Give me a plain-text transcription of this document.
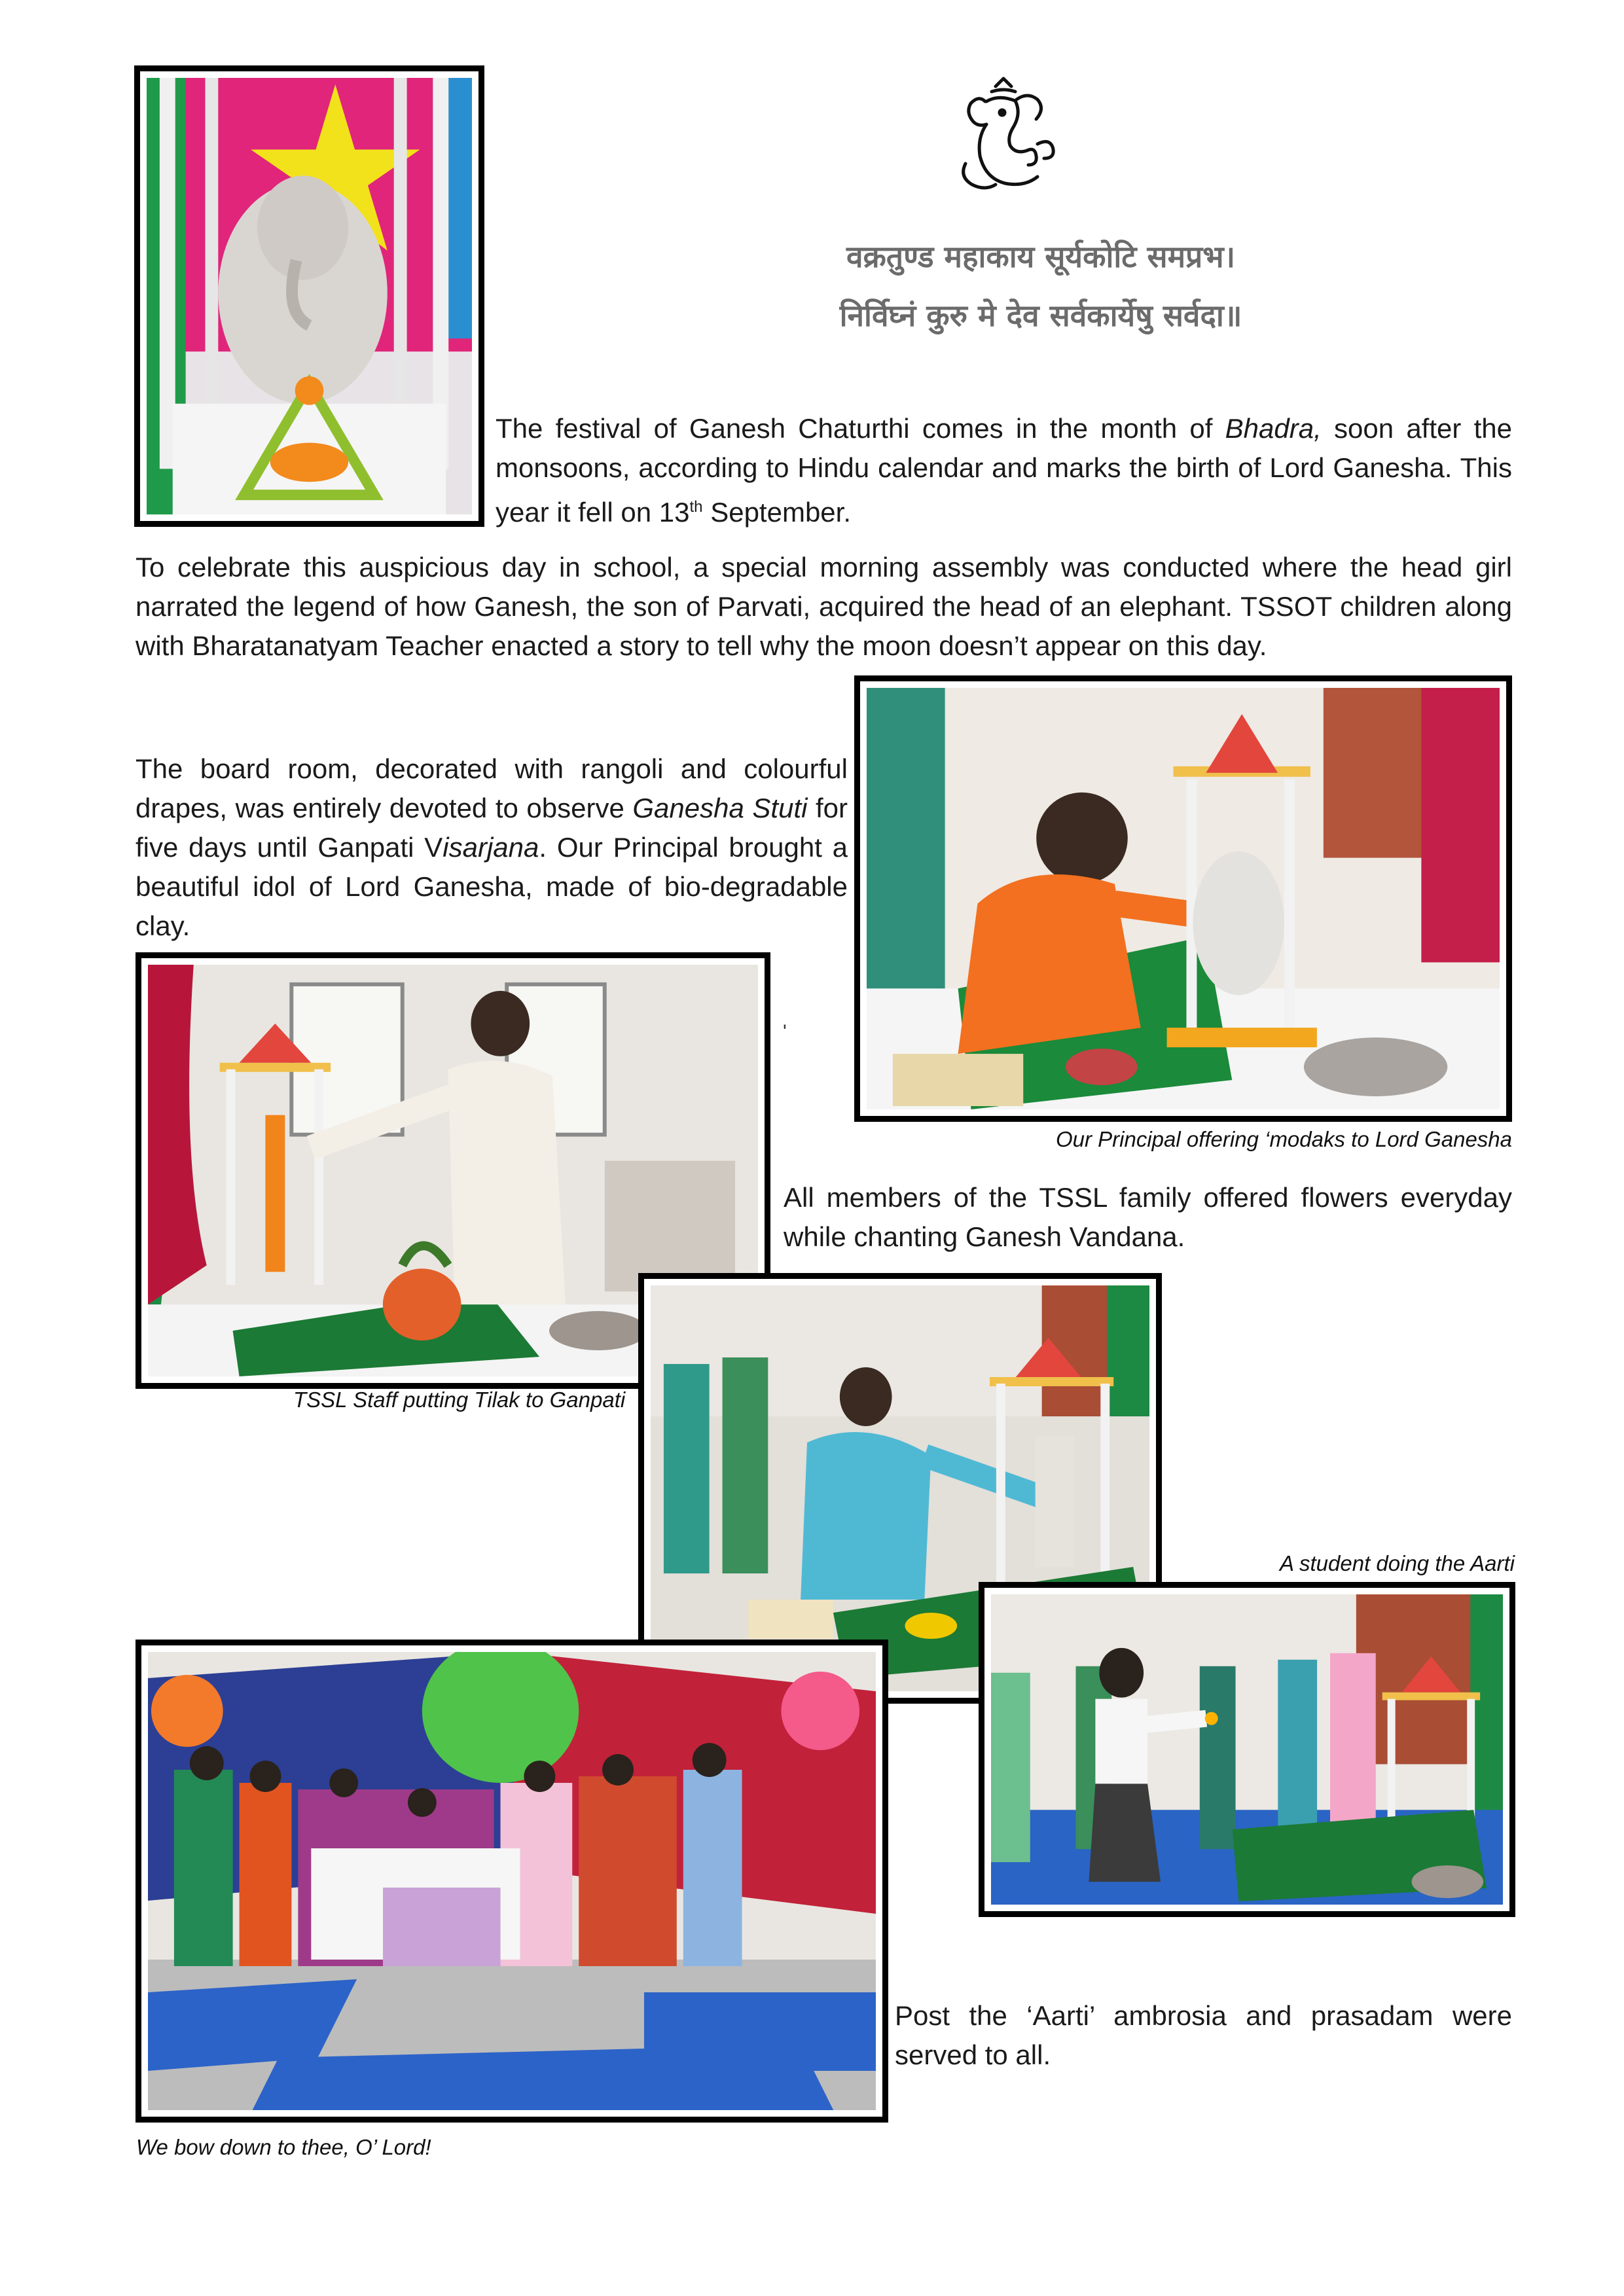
वक्रतुण्ड महाकाय सूर्यकोटि समप्रभ।
निर्विघ्नं कुरु मे देव सर्वकार्येषु सर्वदा॥

The festival of Ganesh Chaturthi comes in the month of Bhadra, soon after the monsoons, according to Hindu calendar and marks the birth of Lord Ganesha. This year it fell on 13th September.

To celebrate this auspicious day in school, a special morning assembly was conducted where the head girl narrated the legend of how Ganesh, the son of Parvati, acquired the head of an elephant. TSSOT children along with Bharatanatyam Teacher enacted a story to tell why the moon doesn’t appear on this day.

The board room, decorated with rangoli and colourful drapes, was entirely devoted to observe Ganesha Stuti for five days until Ganpati Visarjana. Our Principal brought a beautiful idol of Lord Ganesha, made of bio-degradable clay.

'
Our Principal offering ‘modaks to Lord Ganesha

All members of the TSSL family offered flowers everyday while chanting Ganesh Vandana.

TSSL Staff putting Tilak to Ganpati
A student doing the Aarti

Post the ‘Aarti’ ambrosia and prasadam were served to all.

We bow down to thee, O’ Lord!
